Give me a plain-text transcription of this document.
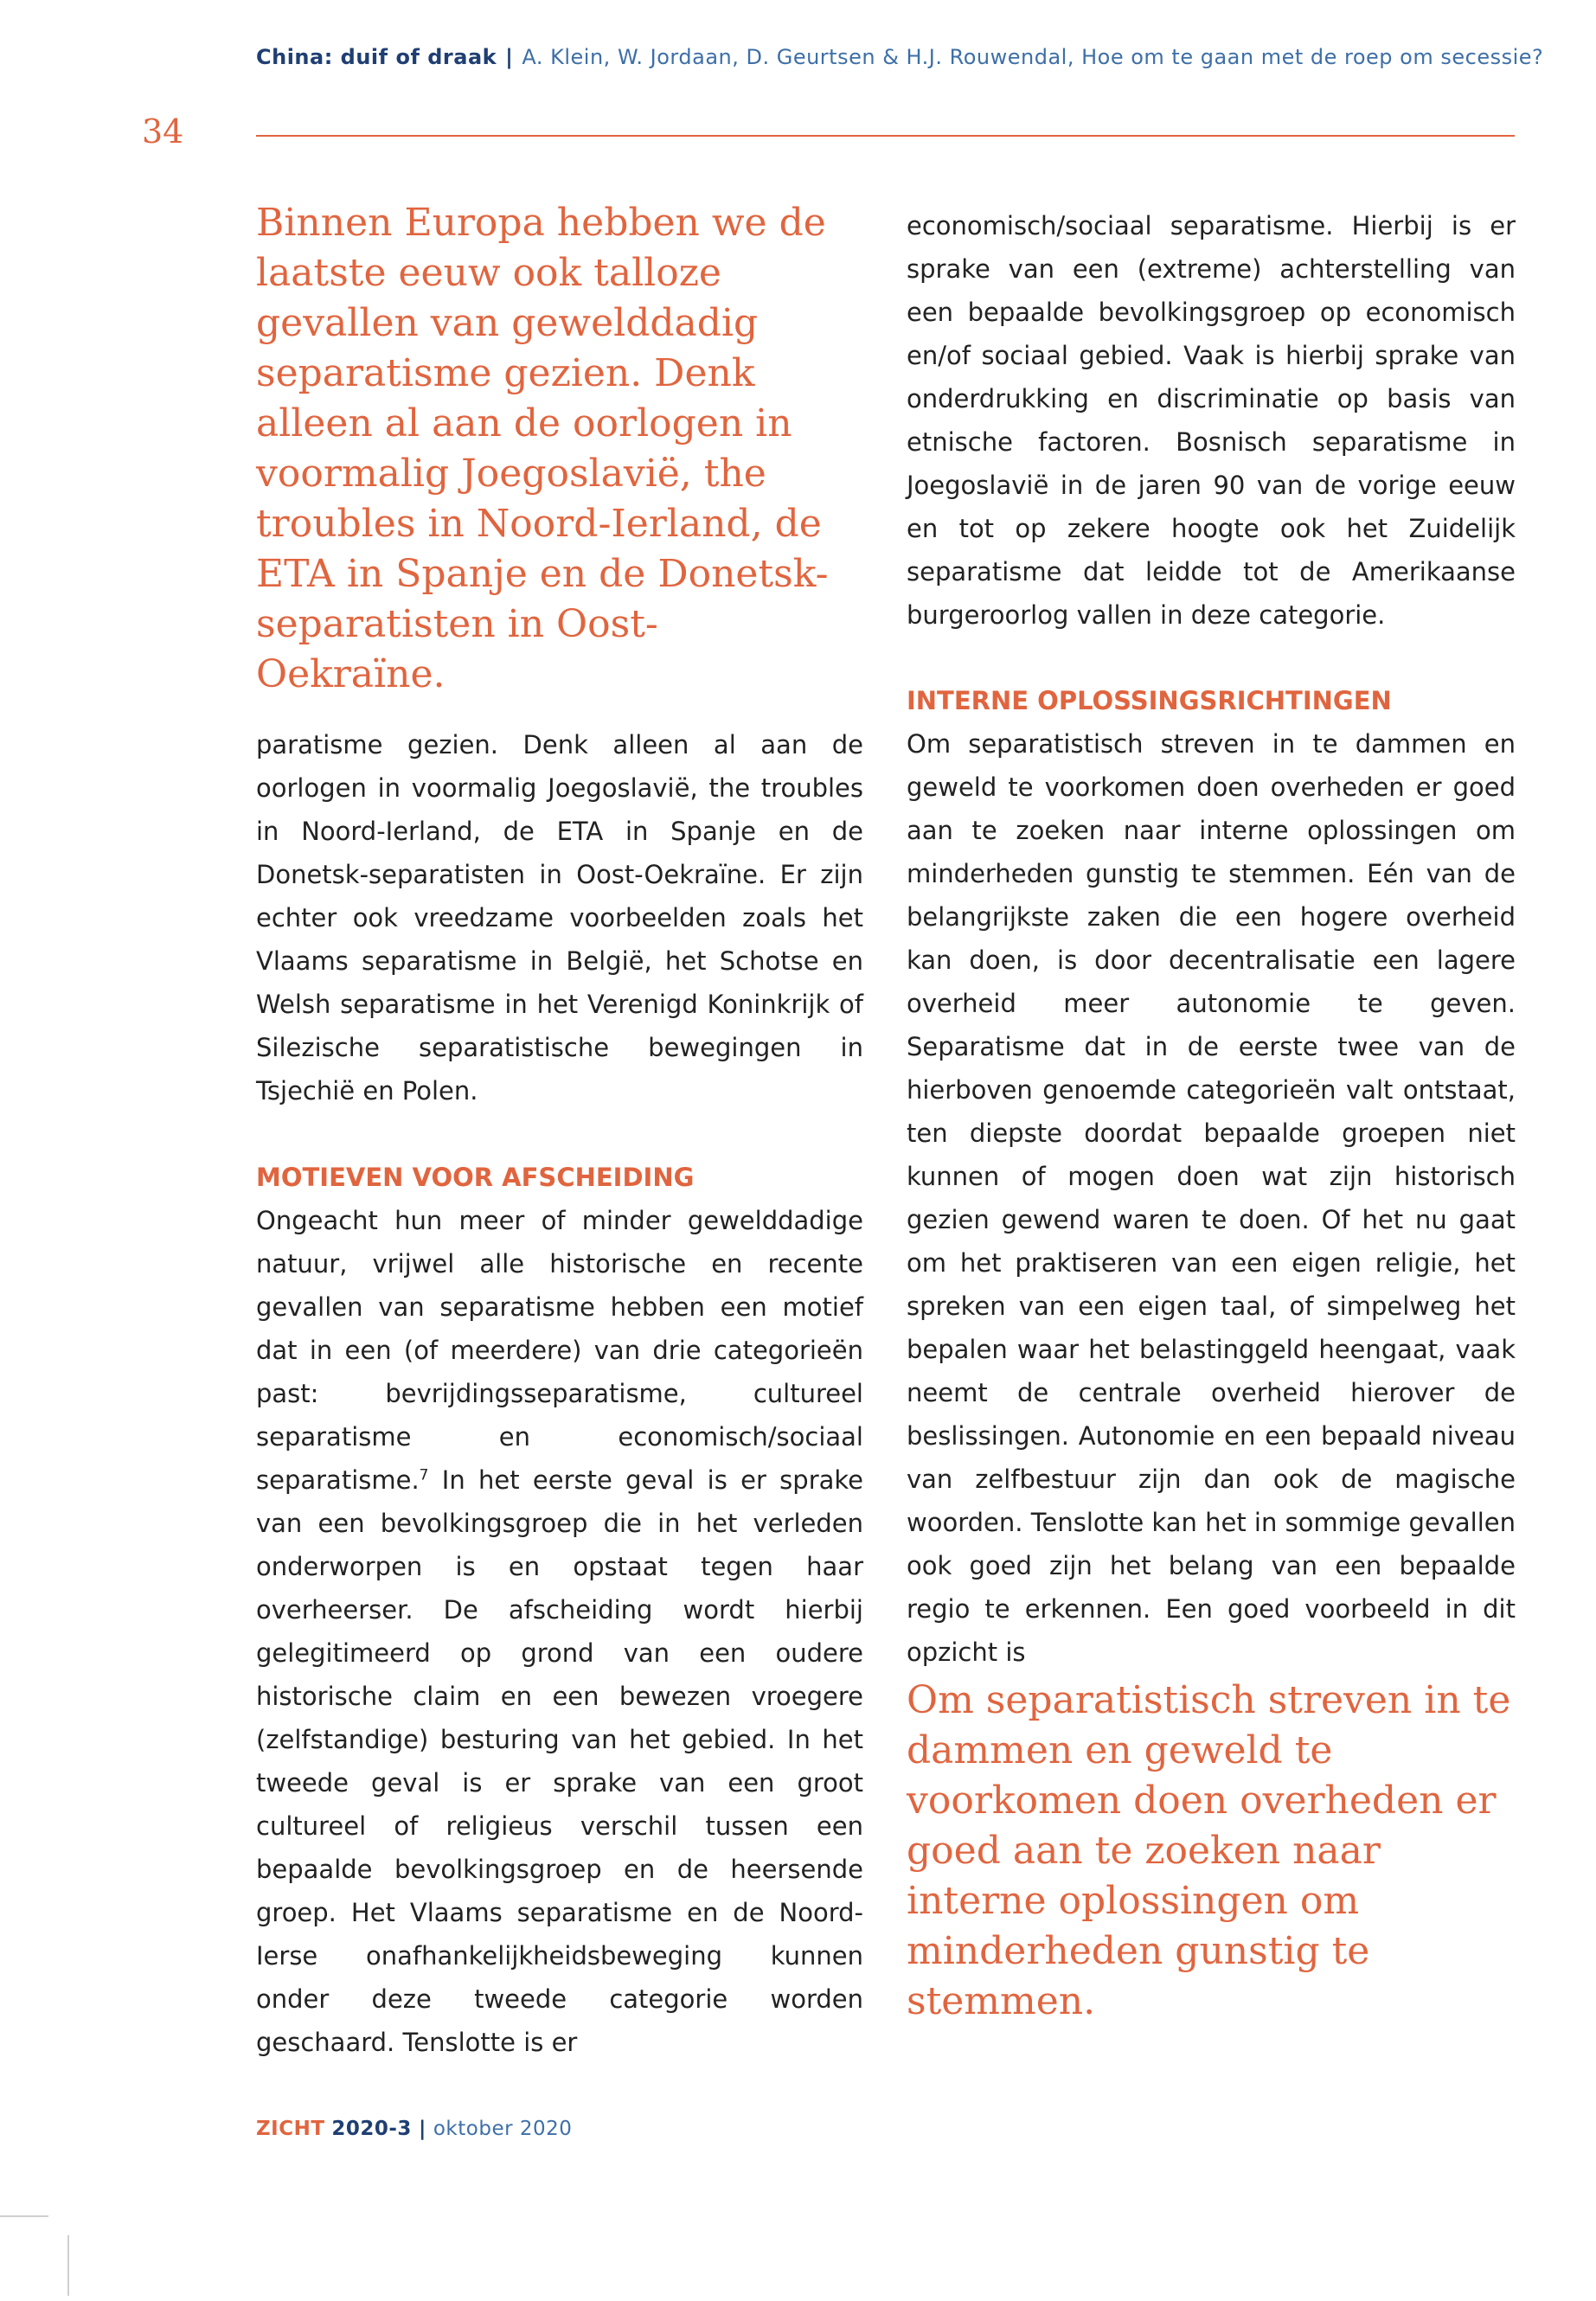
China: duif of draak | A. Klein, W. Jordaan, D. Geurtsen & H.J. Rouwendal, Hoe om te gaan met de roep om secessie?
34

Binnen Europa hebben we de laatste eeuw ook talloze gevallen van gewelddadig separatisme gezien. Denk alleen al aan de oorlogen in voormalig Joegoslavië, the troubles in Noord-Ierland, de ETA in Spanje en de Donetsk-separatisten in Oost-Oekraïne.

paratisme gezien. Denk alleen al aan de oorlogen in voormalig Joegoslavië, the troubles in Noord-Ierland, de ETA in Spanje en de Donetsk-separatisten in Oost-Oekraïne. Er zijn echter ook vreedzame voorbeelden zoals het Vlaams separatisme in België, het Schotse en Welsh separatisme in het Verenigd Koninkrijk of Silezische separatistische bewegingen in Tsjechië en Polen.

MOTIEVEN VOOR AFSCHEIDING

Ongeacht hun meer of minder gewelddadige natuur, vrijwel alle historische en recente gevallen van separatisme hebben een motief dat in een (of meerdere) van drie categorieën past: bevrijdingsseparatisme, cultureel separatisme en economisch/sociaal separatisme.$^7$ In het eerste geval is er sprake van een bevolkingsgroep die in het verleden onderworpen is en opstaat tegen haar overheerser. De afscheiding wordt hierbij gelegitimeerd op grond van een oudere historische claim en een bewezen vroegere (zelfstandige) besturing van het gebied. In het tweede geval is er sprake van een groot cultureel of religieus verschil tussen een bepaalde bevolkingsgroep en de heersende groep. Het Vlaams separatisme en de Noord-Ierse onafhankelijkheidsbeweging kunnen onder deze tweede categorie worden geschaard. Tenslotte is er

economisch/sociaal separatisme. Hierbij is er sprake van een (extreme) achterstelling van een bepaalde bevolkingsgroep op economisch en/of sociaal gebied. Vaak is hierbij sprake van onderdrukking en discriminatie op basis van etnische factoren. Bosnisch separatisme in Joegoslavië in de jaren 90 van de vorige eeuw en tot op zekere hoogte ook het Zuidelijk separatisme dat leidde tot de Amerikaanse burgeroorlog vallen in deze categorie.

INTERNE OPLOSSINGSRICHTINGEN

Om separatistisch streven in te dammen en geweld te voorkomen doen overheden er goed aan te zoeken naar interne oplossingen om minderheden gunstig te stemmen. Eén van de belangrijkste zaken die een hogere overheid kan doen, is door decentralisatie een lagere overheid meer autonomie te geven. Separatisme dat in de eerste twee van de hierboven genoemde categorieën valt ontstaat, ten diepste doordat bepaalde groepen niet kunnen of mogen doen wat zijn historisch gezien gewend waren te doen. Of het nu gaat om het praktiseren van een eigen religie, het spreken van een eigen taal, of simpelweg het bepalen waar het belastinggeld heengaat, vaak neemt de centrale overheid hierover de beslissingen. Autonomie en een bepaald niveau van zelfbestuur zijn dan ook de magische woorden. Tenslotte kan het in sommige gevallen ook goed zijn het belang van een bepaalde regio te erkennen. Een goed voorbeeld in dit opzicht is

Om separatistisch streven in te dammen en geweld te voorkomen doen overheden er goed aan te zoeken naar interne oplossingen om minderheden gunstig te stemmen.

ZICHT 2020-3 | oktober 2020
